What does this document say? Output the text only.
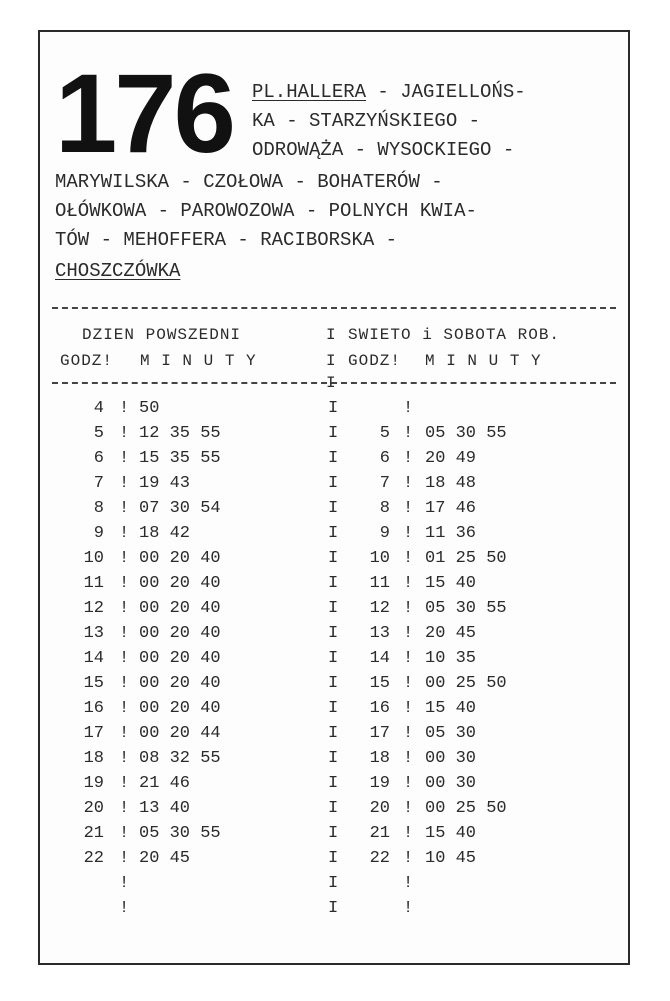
176 PL.HALLERA - JAGIELLOŃS-
KA - STARZYŃSKIEGO -
ODROWĄŻA - WYSOCKIEGO -
MARYWILSKA - CZOŁOWA - BOHATERÓW -
OŁÓWKOWA - PAROWOZOWA - POLNYCH KWIA-
TÓW - MEHOFFERA - RACIBORSKA -
CHOSZCZÓWKA
DZIEN POWSZEDNI	I SWIETO i SOBOTA ROB.
GODZ! M I N U T Y	I GODZ! M I N U T Y
I
4 ! 50	I	!
5 ! 12 35 55	I	5 ! 05 30 55
6 ! 15 35 55	I	6 ! 20 49
7 ! 19 43	I	7 ! 18 48
8 ! 07 30 54	I	8 ! 17 46
9 ! 18 42	I	9 ! 11 36
10 ! 00 20 40	I	10 ! 01 25 50
11 ! 00 20 40	I	11 ! 15 40
12 ! 00 20 40	I	12 ! 05 30 55
13 ! 00 20 40	I	13 ! 20 45
14 ! 00 20 40	I	14 ! 10 35
15 ! 00 20 40	I	15 ! 00 25 50
16 ! 00 20 40	I	16 ! 15 40
17 ! 00 20 44	I	17 ! 05 30
18 ! 08 32 55	I	18 ! 00 30
19 ! 21 46	I	19 ! 00 30
20 ! 13 40	I	20 ! 00 25 50
21 ! 05 30 55	I	21 ! 15 40
22 ! 20 45	I	22 ! 10 45
!	I	!
!	I	!
